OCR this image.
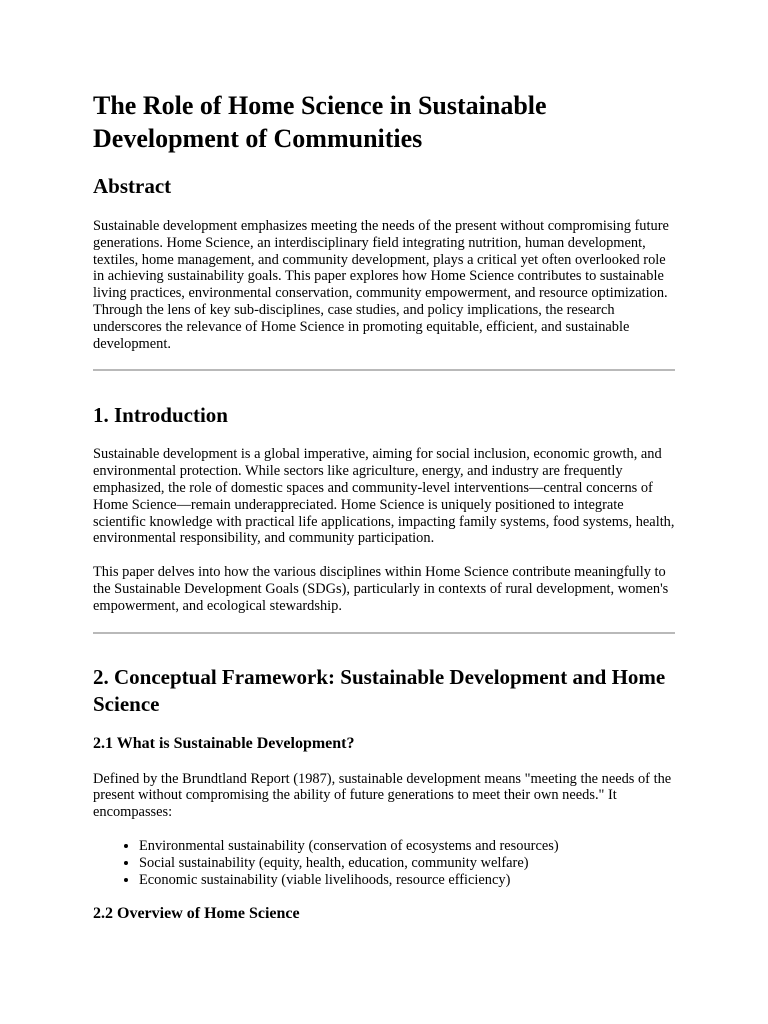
The Role of Home Science in Sustainable Development of Communities
Abstract

Sustainable development emphasizes meeting the needs of the present without compromising future generations. Home Science, an interdisciplinary field integrating nutrition, human development, textiles, home management, and community development, plays a critical yet often overlooked role in achieving sustainability goals. This paper explores how Home Science contributes to sustainable living practices, environmental conservation, community empowerment, and resource optimization. Through the lens of key sub-disciplines, case studies, and policy implications, the research underscores the relevance of Home Science in promoting equitable, efficient, and sustainable development.

1. Introduction

Sustainable development is a global imperative, aiming for social inclusion, economic growth, and environmental protection. While sectors like agriculture, energy, and industry are frequently emphasized, the role of domestic spaces and community-level interventions—central concerns of Home Science—remain underappreciated. Home Science is uniquely positioned to integrate scientific knowledge with practical life applications, impacting family systems, food systems, health, environmental responsibility, and community participation.

This paper delves into how the various disciplines within Home Science contribute meaningfully to the Sustainable Development Goals (SDGs), particularly in contexts of rural development, women's empowerment, and ecological stewardship.

2. Conceptual Framework: Sustainable Development and Home Science
2.1 What is Sustainable Development?

Defined by the Brundtland Report (1987), sustainable development means "meeting the needs of the present without compromising the ability of future generations to meet their own needs." It encompasses:

• Environmental sustainability (conservation of ecosystems and resources)
• Social sustainability (equity, health, education, community welfare)
• Economic sustainability (viable livelihoods, resource efficiency)
2.2 Overview of Home Science
